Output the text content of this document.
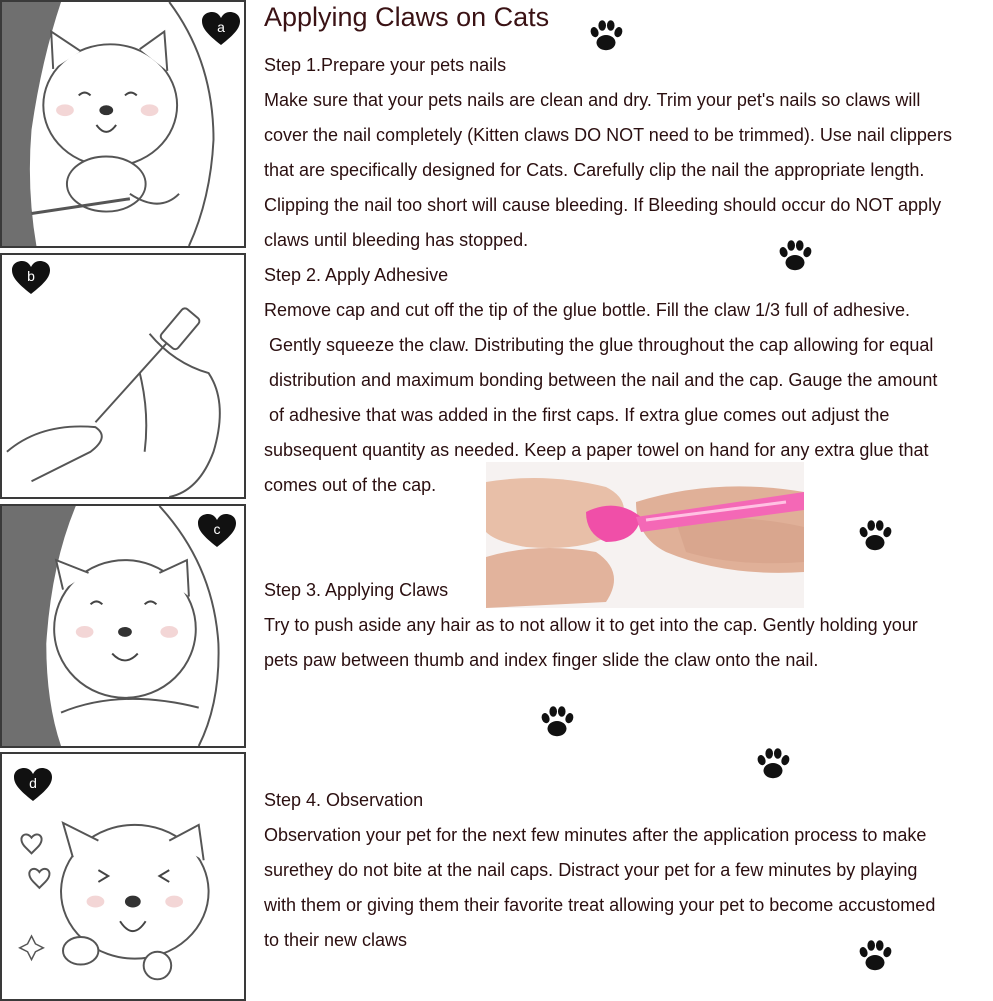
a
b
c
d
Applying Claws on Cats
Step 1.Prepare your pets nails
Make sure that your pets nails are clean and dry. Trim your pet's nails so claws will
cover the nail completely (Kitten claws DO NOT need to be trimmed). Use nail clippers
that are specifically designed for Cats. Carefully clip the nail the appropriate length.
Clipping the nail too short will cause bleeding. If Bleeding should occur do NOT apply
claws until bleeding has stopped.
Step 2. Apply Adhesive
Remove cap and cut off the tip of the glue bottle. Fill the claw 1/3 full of adhesive.
Gently squeeze the claw. Distributing the glue throughout the cap allowing for equal
distribution and maximum bonding between the nail and the cap. Gauge the amount
of adhesive that was added in the first caps. If extra glue comes out adjust the
subsequent quantity as needed. Keep a paper towel on hand for any extra glue that
comes out of the cap.
Step 3. Applying Claws
Try to push aside any hair as to not allow it to get into the cap. Gently holding your
pets paw between thumb and index finger slide the claw onto the nail.
Step 4. Observation
Observation your pet for the next few minutes after the application process to make
surethey do not bite at the nail caps. Distract your pet for a few minutes by playing
with them or giving them their favorite treat allowing your pet to become accustomed
to their new claws
